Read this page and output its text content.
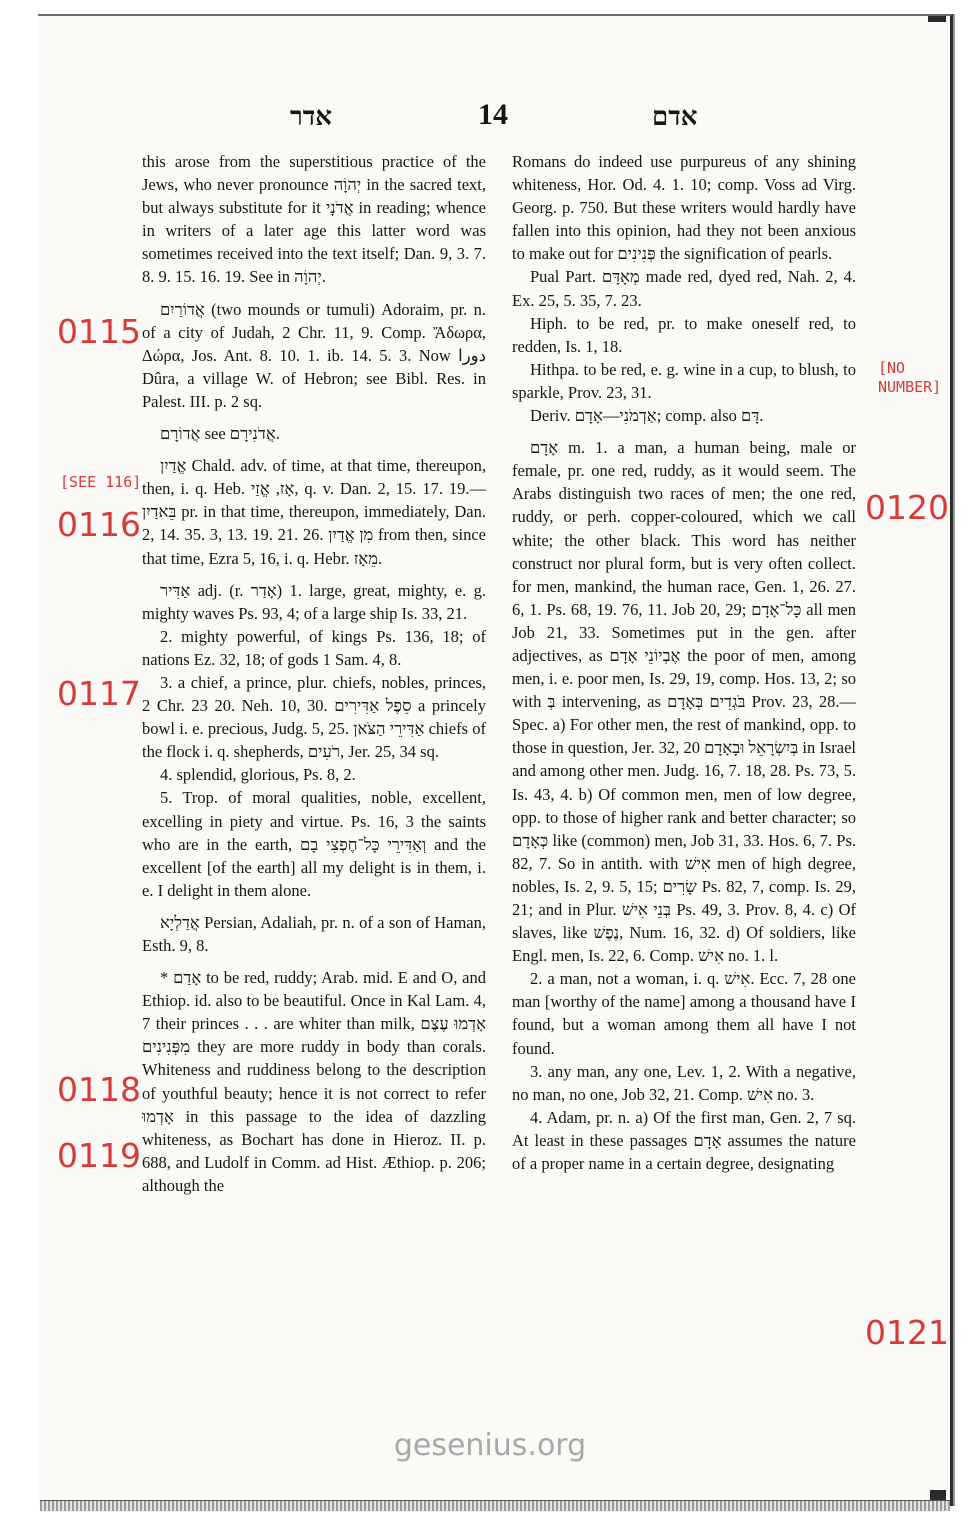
אדר	14	אדם

this arose from the superstitious practice of the Jews, who never pronounce יְהוָֹה in the sacred text, but always substitute for it אֲדֹנָי in reading; whence in writers of a later age this latter word was sometimes received into the text itself; Dan. 9, 3. 7. 8. 9. 15. 16. 19. See in יְהוָֹה.

אֲדוֹרַיִם (two mounds or tumuli) Adoraim, pr. n. of a city of Judah, 2 Chr. 11, 9. Comp. Ἄδωρα, Δώρα, Jos. Ant. 8. 10. 1. ib. 14. 5. 3. Now دورا Dûra, a village W. of Hebron; see Bibl. Res. in Palest. III. p. 2 sq.

אֲדוֹרָם see אֲדֹנִירָם.

אֱדַיִן Chald. adv. of time, at that time, thereupon, then, i. q. Heb. אָז, אֱזַי, q. v. Dan. 2, 15. 17. 19.—בֵּאדַיִן pr. in that time, thereupon, immediately, Dan. 2, 14. 35. 3, 13. 19. 21. 26. מִן אֱדַיִן from then, since that time, Ezra 5, 16, i. q. Hebr. מֵאָז.

אַדִּיר adj. (r. אָדַר) 1. large, great, mighty, e. g. mighty waves Ps. 93, 4; of a large ship Is. 33, 21.

2. mighty powerful, of kings Ps. 136, 18; of nations Ez. 32, 18; of gods 1 Sam. 4, 8.

3. a chief, a prince, plur. chiefs, nobles, princes, 2 Chr. 23 20. Neh. 10, 30. סֵפֶל אַדִּירִים a princely bowl i. e. precious, Judg. 5, 25. אַדִּירֵי הַצֹּאן chiefs of the flock i. q. shepherds, רֹעִים, Jer. 25, 34 sq.

4. splendid, glorious, Ps. 8, 2.

5. Trop. of moral qualities, noble, excellent, excelling in piety and virtue. Ps. 16, 3 the saints who are in the earth, וְאַדִּירֵי כָּל־חֶפְצִי בָם and the excellent [of the earth] all my delight is in them, i. e. I delight in them alone.

אֲדַלְיָא Persian, Adaliah, pr. n. of a son of Haman, Esth. 9, 8.

* אָדַם to be red, ruddy; Arab. mid. E and O, and Ethiop. id. also to be beautiful. Once in Kal Lam. 4, 7 their princes . . . are whiter than milk, אָדְמוּ עֶצֶם מִפְּנִינִים they are more ruddy in body than corals. Whiteness and ruddiness belong to the description of youthful beauty; hence it is not correct to refer אָדְמוּ in this passage to the idea of dazzling whiteness, as Bochart has done in Hieroz. II. p. 688, and Ludolf in Comm. ad Hist. Æthiop. p. 206; although the

Romans do indeed use purpureus of any shining whiteness, Hor. Od. 4. 1. 10; comp. Voss ad Virg. Georg. p. 750. But these writers would hardly have fallen into this opinion, had they not been anxious to make out for פְּנִינִים the signification of pearls.

Pual Part. מְאָדָּם made red, dyed red, Nah. 2, 4. Ex. 25, 5. 35, 7. 23.

Hiph. to be red, pr. to make oneself red, to redden, Is. 1, 18.

Hithpa. to be red, e. g. wine in a cup, to blush, to sparkle, Prov. 23, 31.

Deriv. אַדְמֹנִי—אָדָם; comp. also דָּם.

אָדָם m. 1. a man, a human being, male or female, pr. one red, ruddy, as it would seem. The Arabs distinguish two races of men; the one red, ruddy, or perh. copper-coloured, which we call white; the other black. This word has neither construct nor plural form, but is very often collect. for men, mankind, the human race, Gen. 1, 26. 27. 6, 1. Ps. 68, 19. 76, 11. Job 20, 29; כָּל־אָדָם all men Job 21, 33. Sometimes put in the gen. after adjectives, as אֶבְיוֹנֵי אָדָם the poor of men, among men, i. e. poor men, Is. 29, 19, comp. Hos. 13, 2; so with בְּ intervening, as בֹּגְדִים בְּאָדָם Prov. 23, 28.—Spec. a) For other men, the rest of mankind, opp. to those in question, Jer. 32, 20 בְּיִשְׂרָאֵל וּבָאָדָם in Israel and among other men. Judg. 16, 7. 18, 28. Ps. 73, 5. Is. 43, 4. b) Of common men, men of low degree, opp. to those of higher rank and better character; so כְּאָדָם like (common) men, Job 31, 33. Hos. 6, 7. Ps. 82, 7. So in antith. with אִישׁ men of high degree, nobles, Is. 2, 9. 5, 15; שָׂרִים Ps. 82, 7, comp. Is. 29, 21; and in Plur. בְּנֵי אִישׁ Ps. 49, 3. Prov. 8, 4. c) Of slaves, like נֶפֶשׁ, Num. 16, 32. d) Of soldiers, like Engl. men, Is. 22, 6. Comp. אִישׁ no. 1. l.

2. a man, not a woman, i. q. אִישׁ. Ecc. 7, 28 one man [worthy of the name] among a thousand have I found, but a woman among them all have I not found.

3. any man, any one, Lev. 1, 2. With a negative, no man, no one, Job 32, 21. Comp. אִישׁ no. 3.

4. Adam, pr. n. a) Of the first man, Gen. 2, 7 sq. At least in these passages אָדָם assumes the nature of a proper name in a certain degree, designating

0115
[SEE 116]
0116
0117
0118
0119
[NO
NUMBER]
0120
0121
gesenius.org
